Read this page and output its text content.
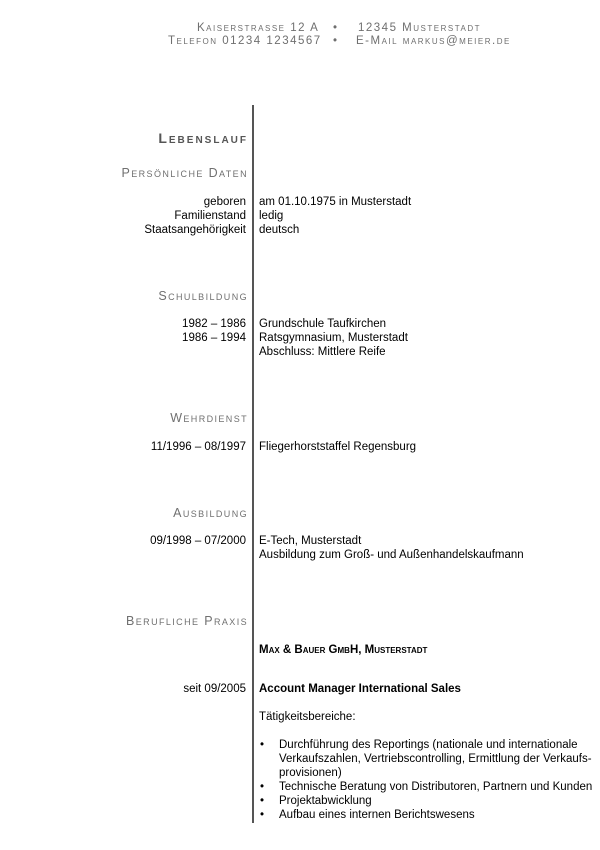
Kaiserstrasse 12 A • 12345 Musterstadt
Telefon 01234 1234567 • E-Mail markus@meier.de
Lebenslauf
Persönliche Daten
geboren am 01.10.1975 in Musterstadt
Familienstand ledig
Staatsangehörigkeit deutsch
Schulbildung
1982 – 1986 Grundschule Taufkirchen
1986 – 1994 Ratsgymnasium, Musterstadt
Abschluss: Mittlere Reife
Wehrdienst
11/1996 – 08/1997 Fliegerhorststaffel Regensburg
Ausbildung
09/1998 – 07/2000 E-Tech, Musterstadt
Ausbildung zum Groß- und Außenhandelskaufmann
Berufliche Praxis
Max & Bauer GmbH, Musterstadt
seit 09/2005 Account Manager International Sales
Tätigkeitsbereiche:
• Durchführung des Reportings (nationale und internationale
Verkaufszahlen, Vertriebscontrolling, Ermittlung der Verkaufs-
provisionen)
• Technische Beratung von Distributoren, Partnern und Kunden
• Projektabwicklung
• Aufbau eines internen Berichtswesens
